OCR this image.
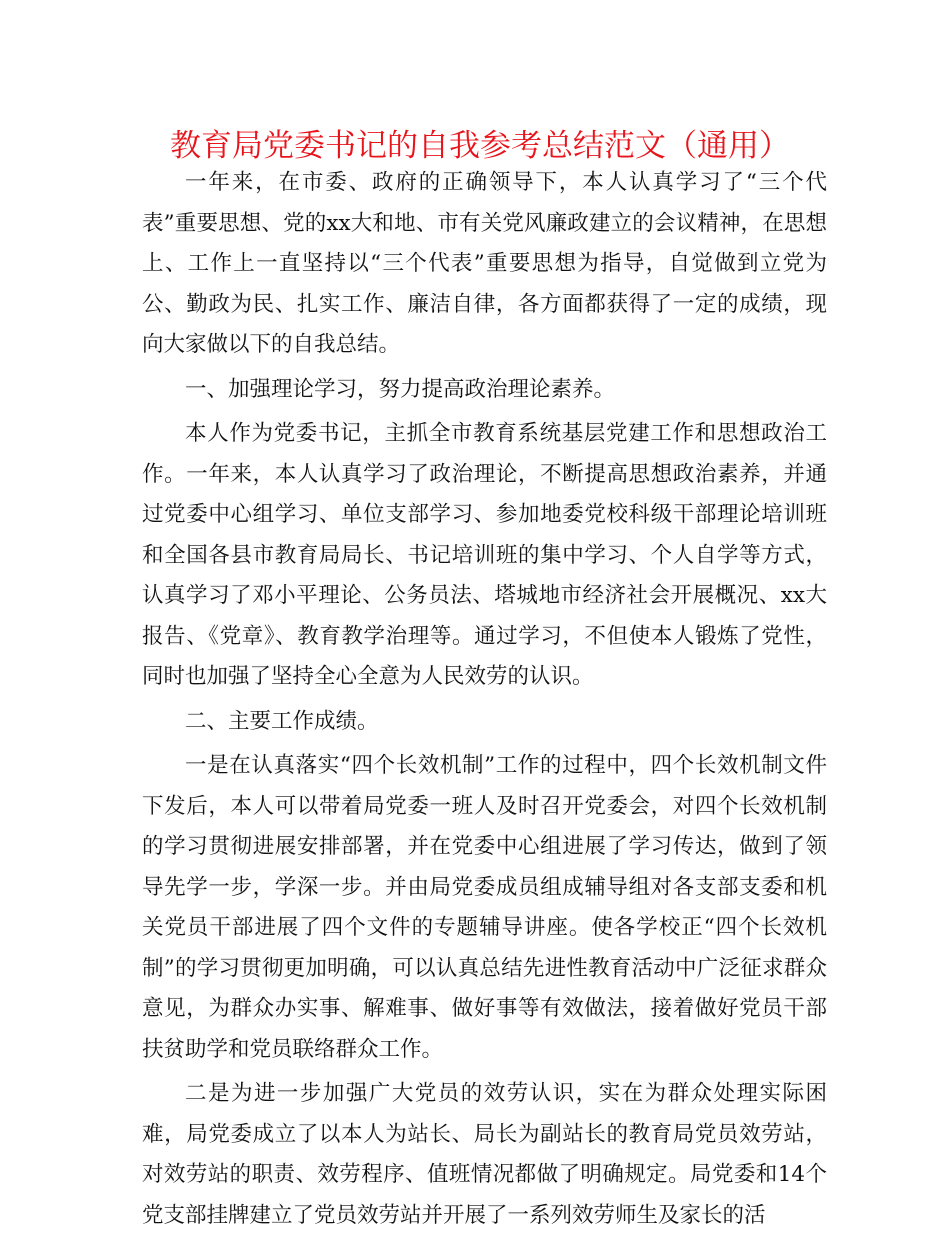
教育局党委书记的自我参考总结范文（通用）

一年来，在市委、政府的正确领导下，本人认真学习了“三个代表”重要思想、党的xx大和地、市有关党风廉政建立的会议精神，在思想上、工作上一直坚持以“三个代表”重要思想为指导，自觉做到立党为公、勤政为民、扎实工作、廉洁自律，各方面都获得了一定的成绩，现向大家做以下的自我总结。

一、加强理论学习，努力提高政治理论素养。

本人作为党委书记，主抓全市教育系统基层党建工作和思想政治工作。一年来，本人认真学习了政治理论，不断提高思想政治素养，并通过党委中心组学习、单位支部学习、参加地委党校科级干部理论培训班和全国各县市教育局局长、书记培训班的集中学习、个人自学等方式，认真学习了邓小平理论、公务员法、塔城地市经济社会开展概况、xx大报告、《党章》、教育教学治理等。通过学习，不但使本人锻炼了党性，同时也加强了坚持全心全意为人民效劳的认识。

二、主要工作成绩。

一是在认真落实“四个长效机制”工作的过程中，四个长效机制文件下发后，本人可以带着局党委一班人及时召开党委会，对四个长效机制的学习贯彻进展安排部署，并在党委中心组进展了学习传达，做到了领导先学一步，学深一步。并由局党委成员组成辅导组对各支部支委和机关党员干部进展了四个文件的专题辅导讲座。使各学校正“四个长效机制”的学习贯彻更加明确，可以认真总结先进性教育活动中广泛征求群众意见，为群众办实事、解难事、做好事等有效做法，接着做好党员干部扶贫助学和党员联络群众工作。

二是为进一步加强广大党员的效劳认识，实在为群众处理实际困难，局党委成立了以本人为站长、局长为副站长的教育局党员效劳站，对效劳站的职责、效劳程序、值班情况都做了明确规定。局党委和14个党支部挂牌建立了党员效劳站并开展了一系列效劳师生及家长的活
